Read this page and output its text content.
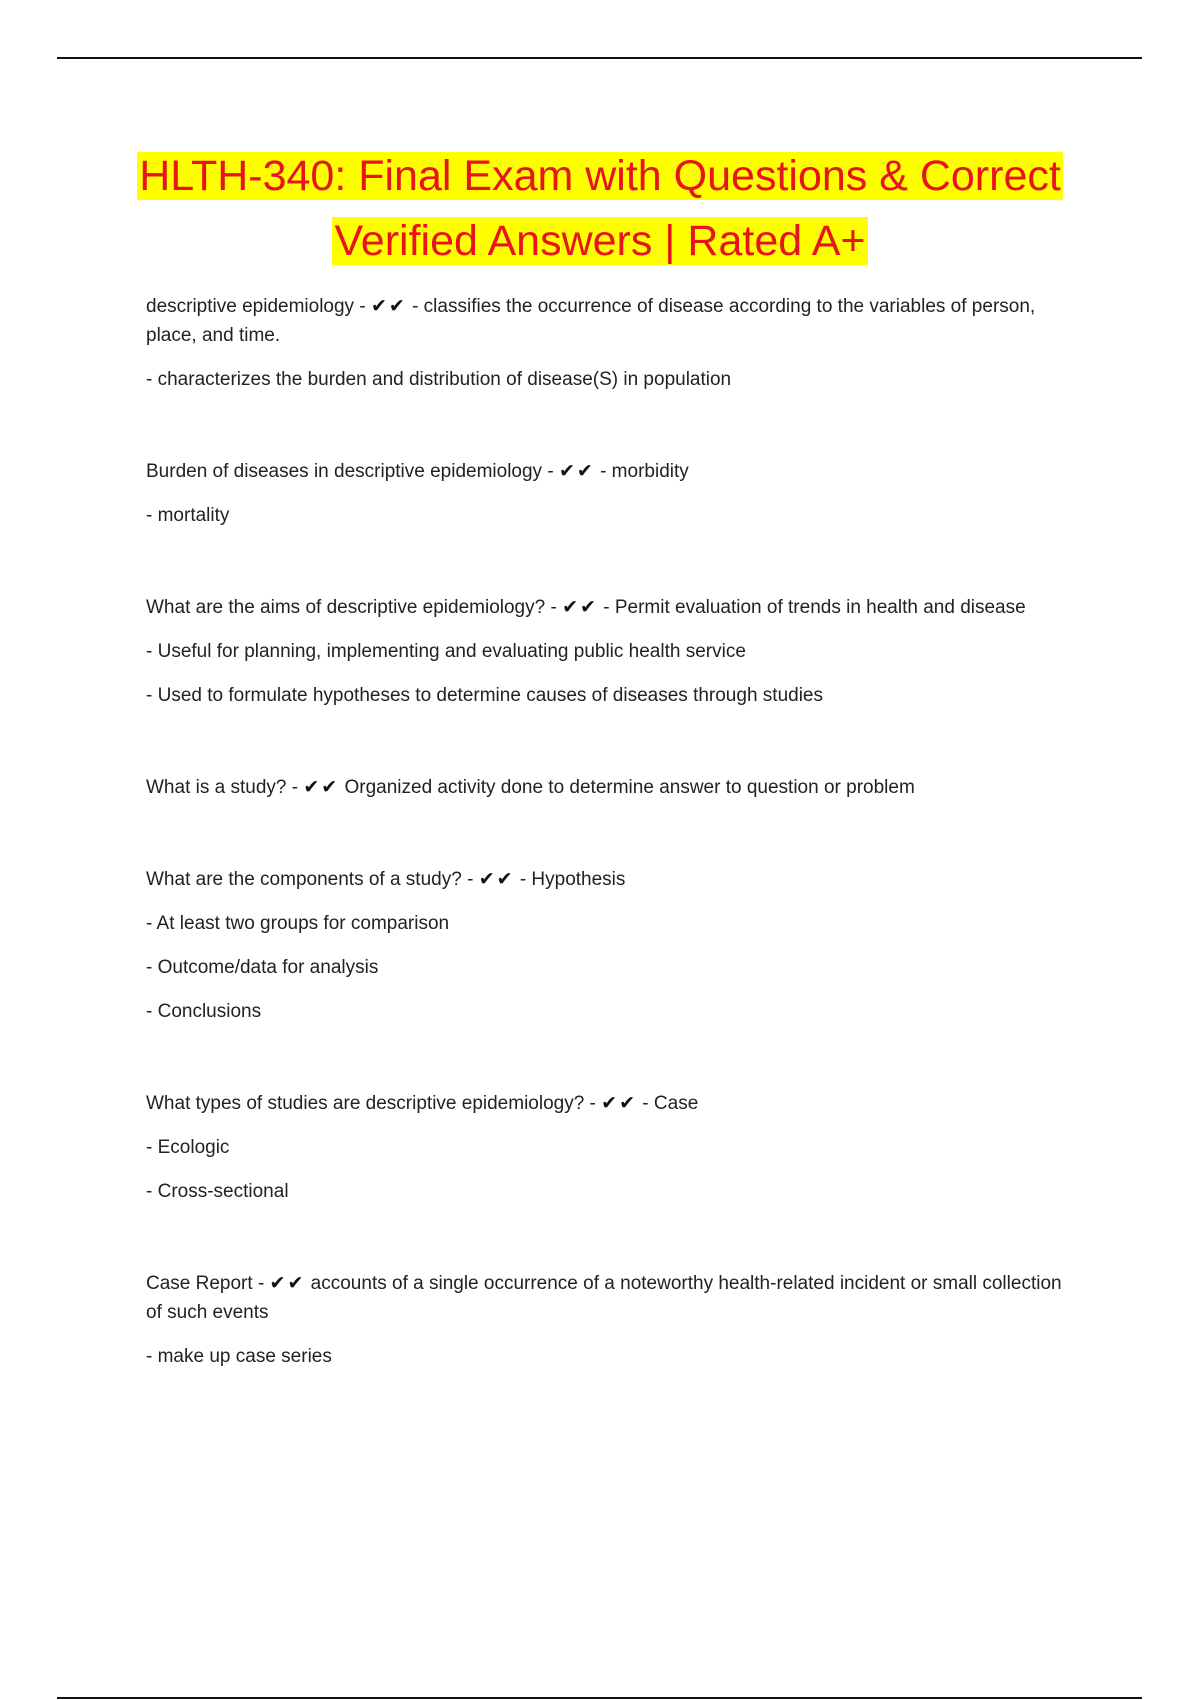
HLTH-340: Final Exam with Questions & Correct
Verified Answers | Rated A+

descriptive epidemiology - ✔✔ - classifies the occurrence of disease according to the variables of person, place, and time.

- characterizes the burden and distribution of disease(S) in population

Burden of diseases in descriptive epidemiology - ✔✔ - morbidity

- mortality

What are the aims of descriptive epidemiology? - ✔✔ - Permit evaluation of trends in health and disease

- Useful for planning, implementing and evaluating public health service

- Used to formulate hypotheses to determine causes of diseases through studies

What is a study? - ✔✔ Organized activity done to determine answer to question or problem

What are the components of a study? - ✔✔ - Hypothesis

- At least two groups for comparison

- Outcome/data for analysis

- Conclusions

What types of studies are descriptive epidemiology? - ✔✔ - Case

- Ecologic

- Cross-sectional

Case Report - ✔✔ accounts of a single occurrence of a noteworthy health-related incident or small collection of such events

- make up case series
